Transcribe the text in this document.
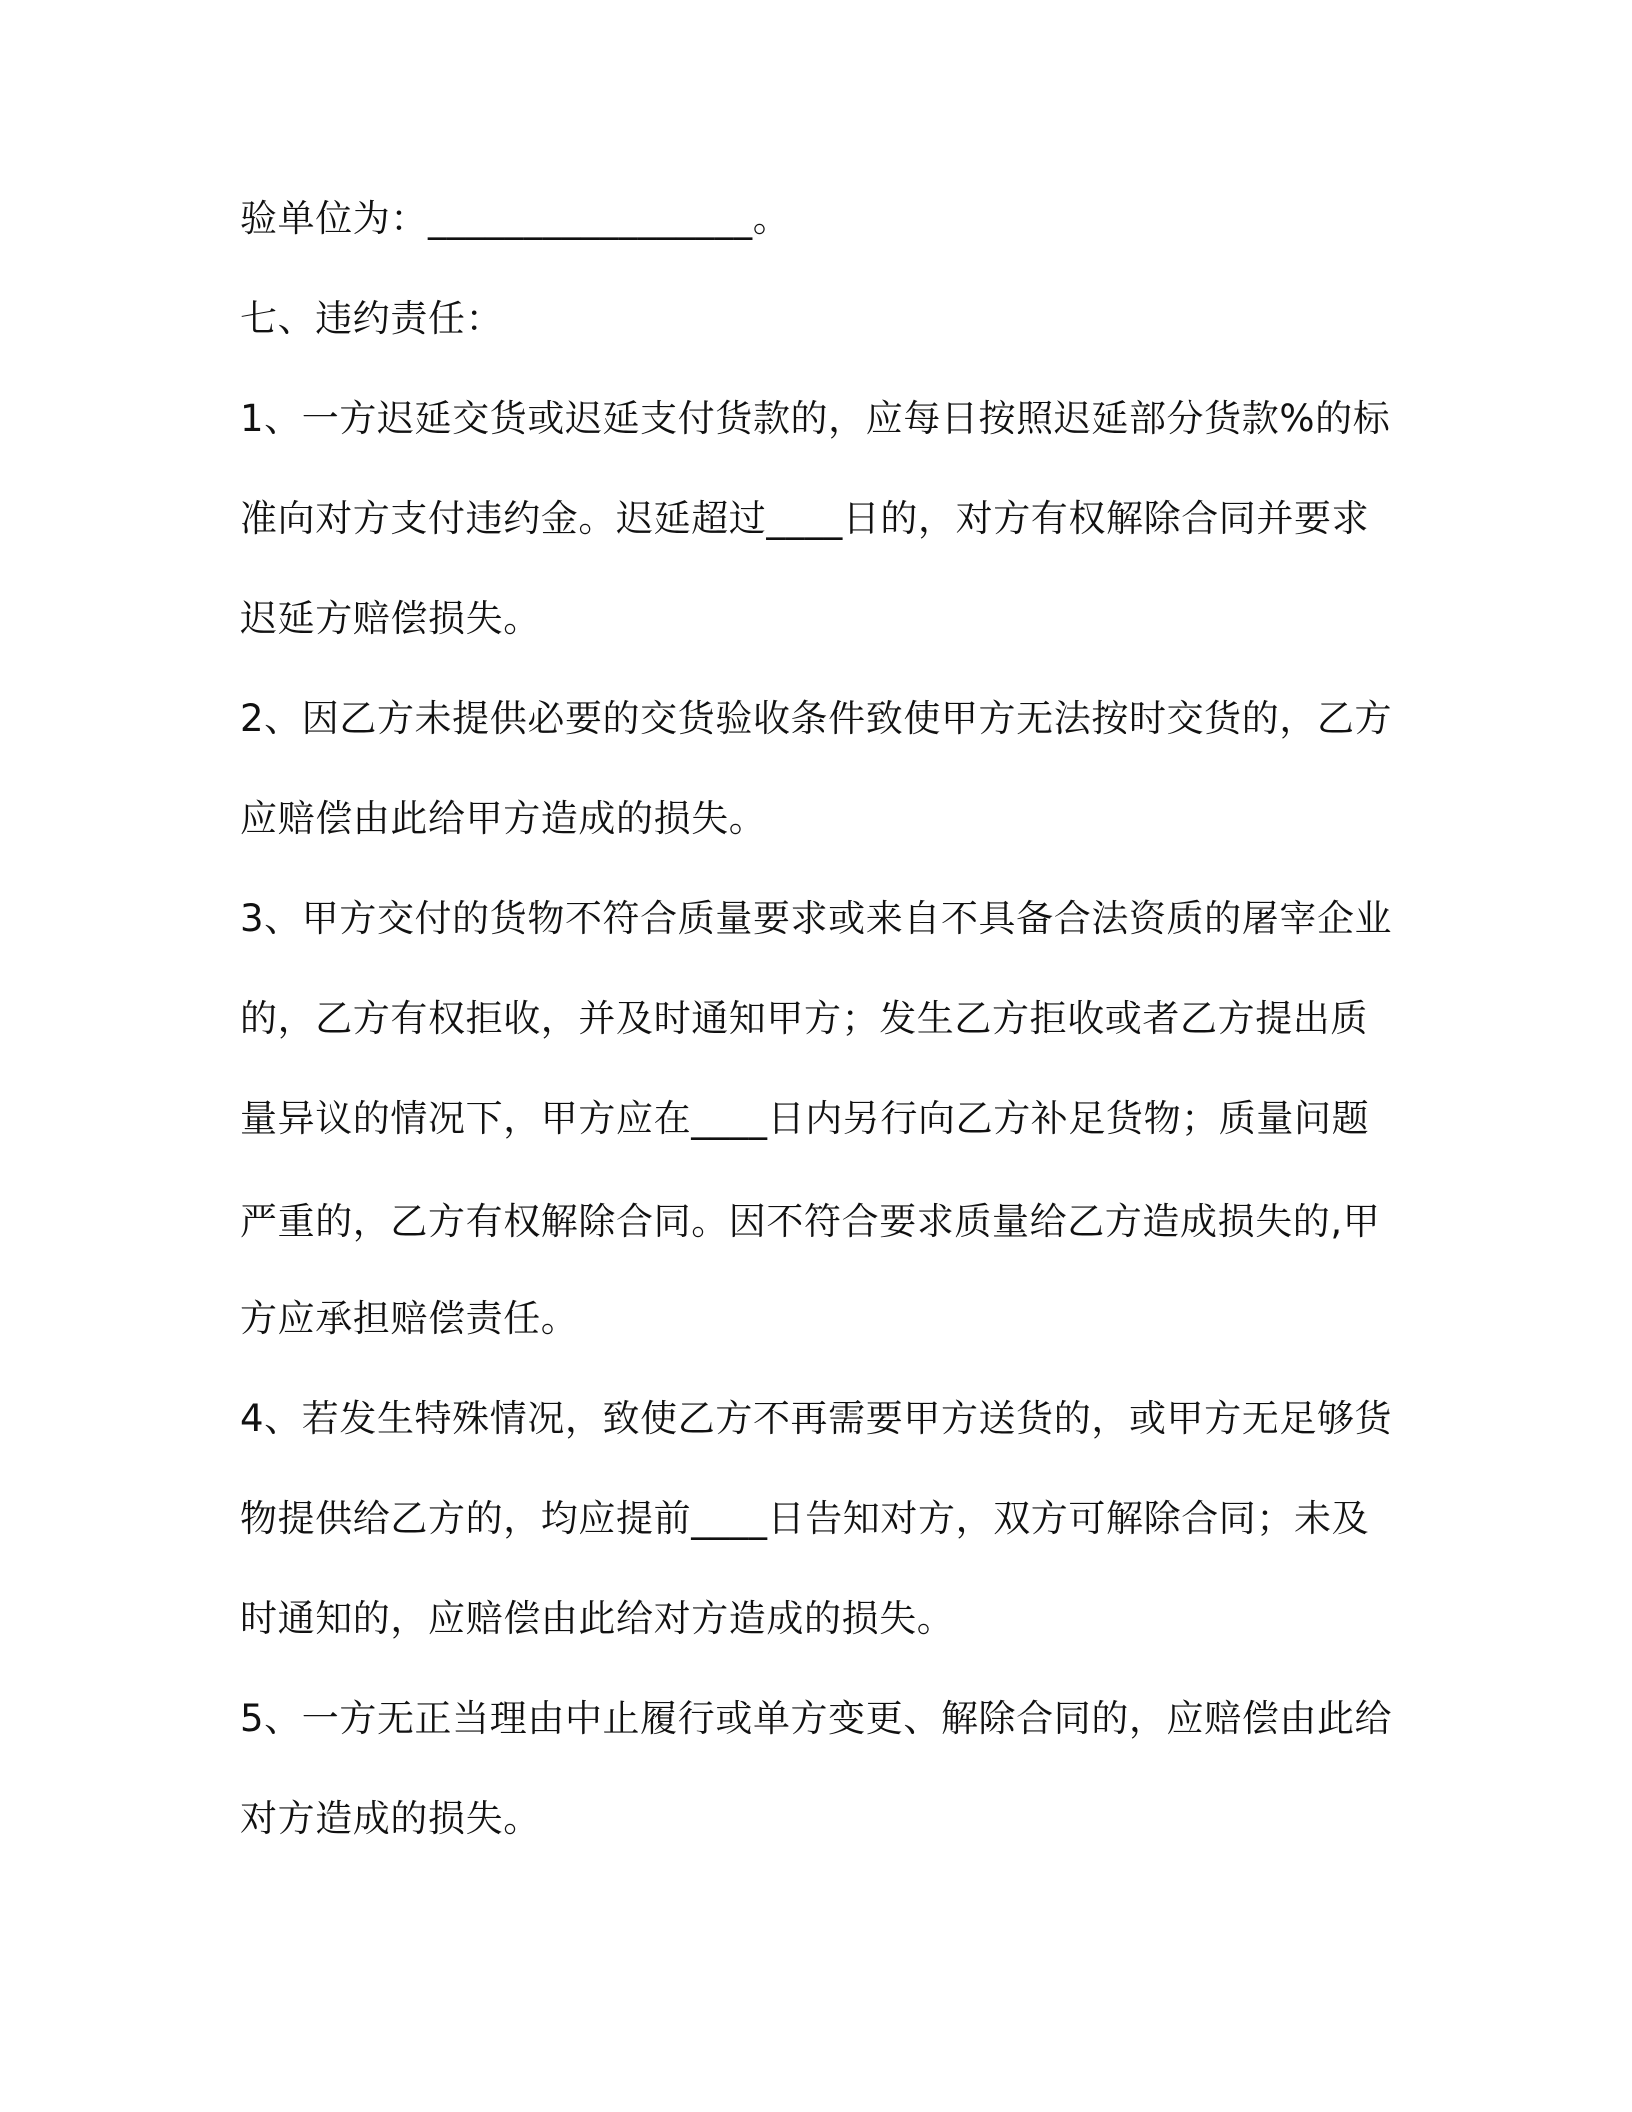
验单位为：_________________。
七、违约责任：
1、一方迟延交货或迟延支付货款的，应每日按照迟延部分货款%的标
准向对方支付违约金。迟延超过____日的，对方有权解除合同并要求
迟延方赔偿损失。
2、因乙方未提供必要的交货验收条件致使甲方无法按时交货的，乙方
应赔偿由此给甲方造成的损失。
3、甲方交付的货物不符合质量要求或来自不具备合法资质的屠宰企业
的，乙方有权拒收，并及时通知甲方；发生乙方拒收或者乙方提出质
量异议的情况下，甲方应在____日内另行向乙方补足货物；质量问题
严重的，乙方有权解除合同。因不符合要求质量给乙方造成损失的,甲
方应承担赔偿责任。
4、若发生特殊情况，致使乙方不再需要甲方送货的，或甲方无足够货
物提供给乙方的，均应提前____日告知对方，双方可解除合同；未及
时通知的，应赔偿由此给对方造成的损失。
5、一方无正当理由中止履行或单方变更、解除合同的，应赔偿由此给
对方造成的损失。
